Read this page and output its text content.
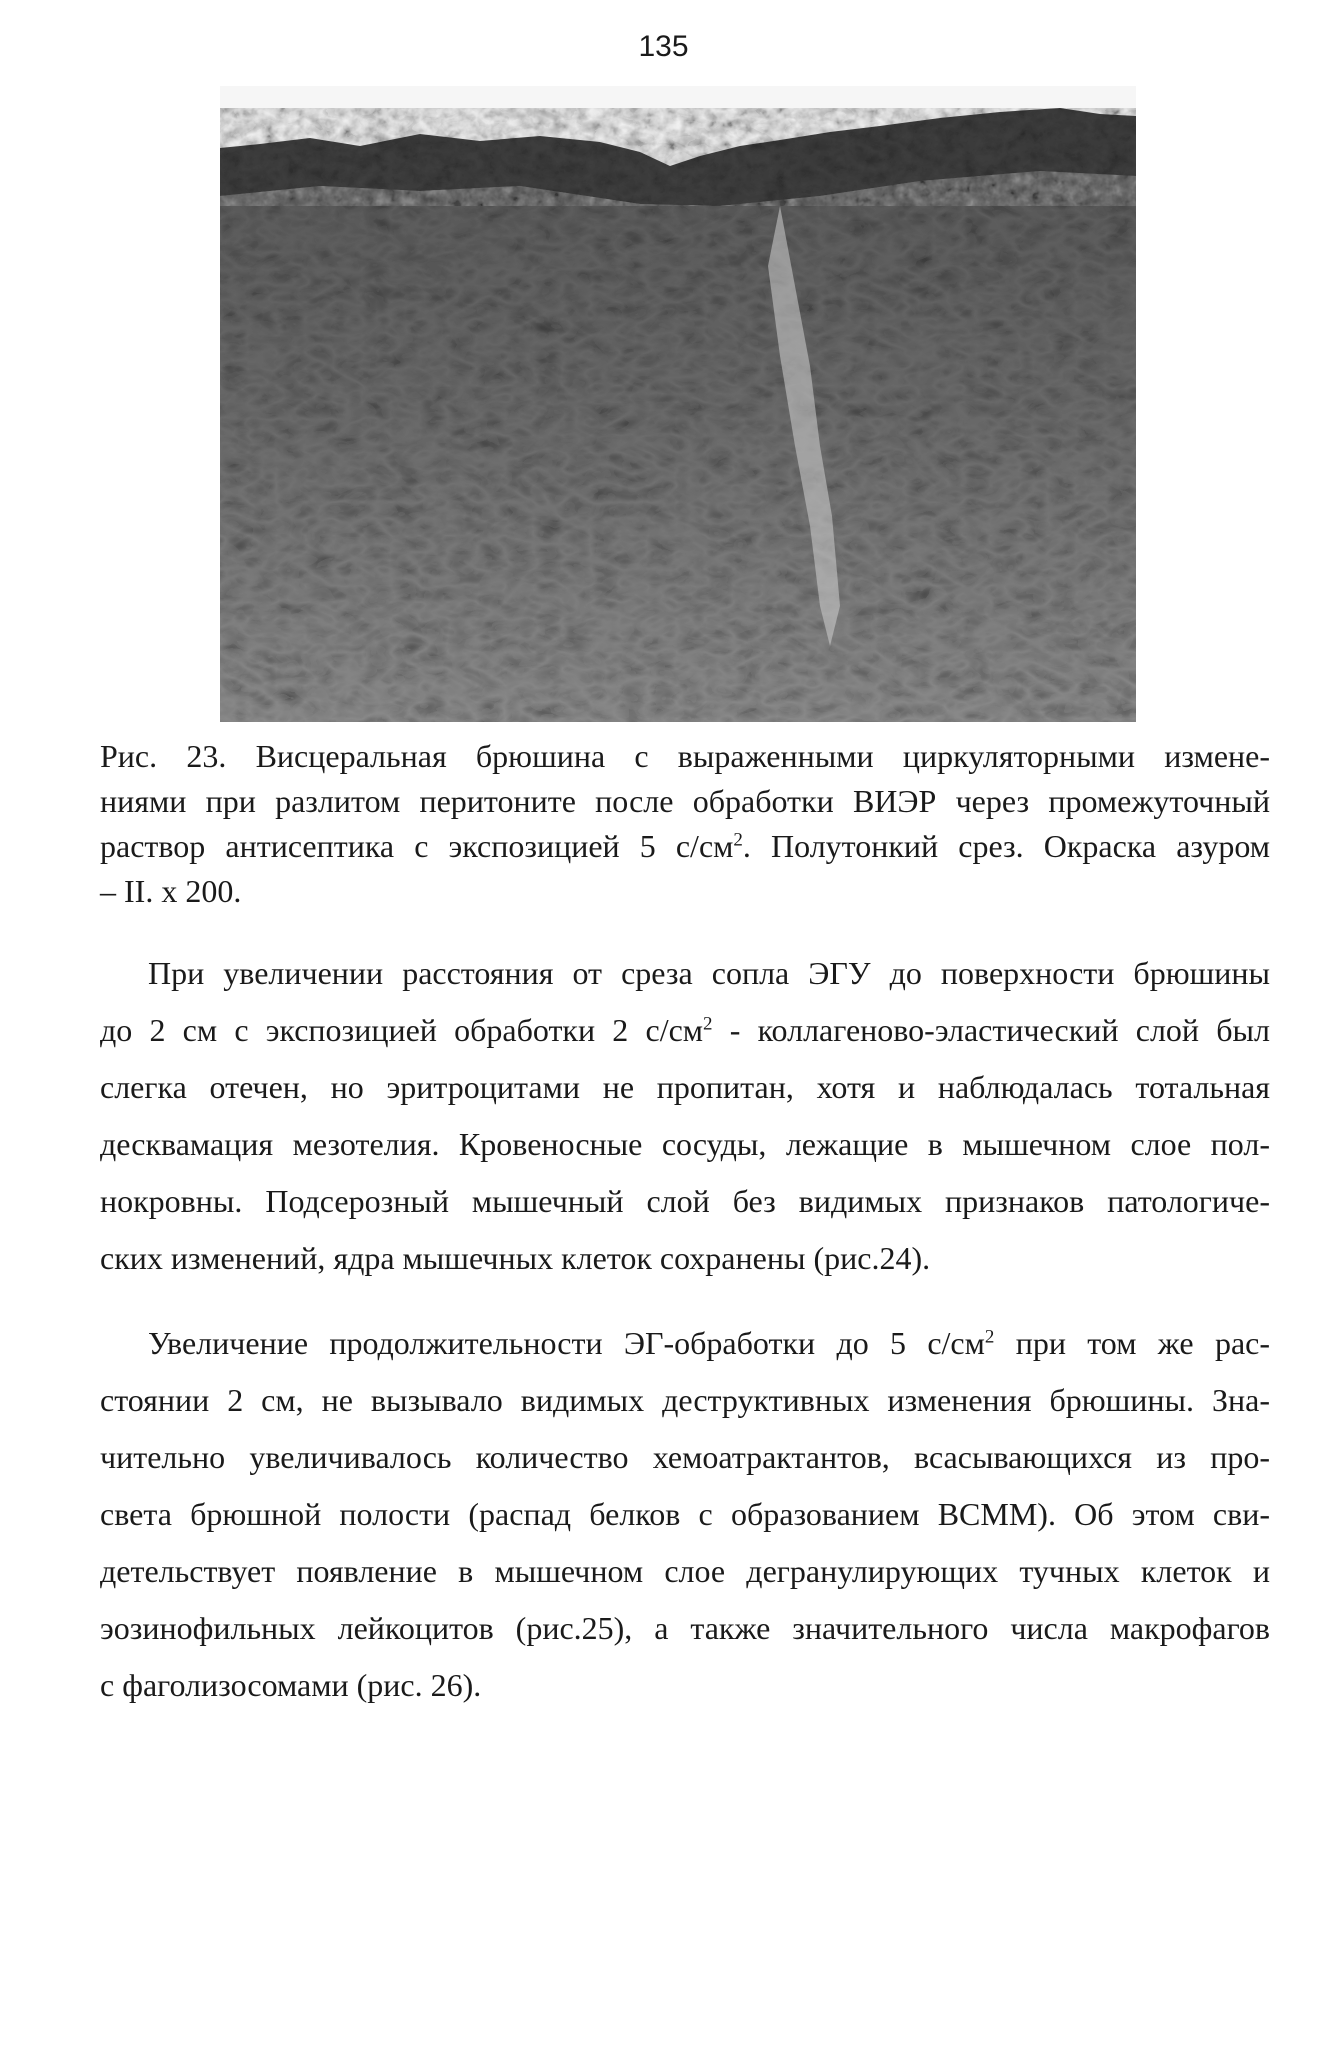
135
Рис. 23. Висцеральная брюшина с выраженными циркуляторными измене-
ниями при разлитом перитоните после обработки ВИЭР через промежуточный
раствор антисептика с экспозицией 5 $с/см^2$. Полутонкий срез. Окраска азуром
– II. x 200.
  При увеличении расстояния от среза сопла ЭГУ до поверхности брюшины
до 2 см с экспозицией обработки 2 $с/см^2$ - коллагеново-эластический слой был
слегка отечен, но эритроцитами не пропитан, хотя и наблюдалась тотальная
десквамация мезотелия. Кровеносные сосуды, лежащие в мышечном слое пол-
нокровны. Подсерозный мышечный слой без видимых признаков патологиче-
ских изменений, ядра мышечных клеток сохранены (рис.24).
  Увеличение продолжительности ЭГ-обработки до 5 $с/см^2$ при том же рас-
стоянии 2 см, не вызывало видимых деструктивных изменения брюшины. Зна-
чительно увеличивалось количество хемоатрактантов, всасывающихся из про-
света брюшной полости (распад белков с образованием ВСММ). Об этом сви-
детельствует появление в мышечном слое дегранулирующих тучных клеток и
эозинофильных лейкоцитов (рис.25), а также значительного числа макрофагов
с фаголизосомами (рис. 26).
